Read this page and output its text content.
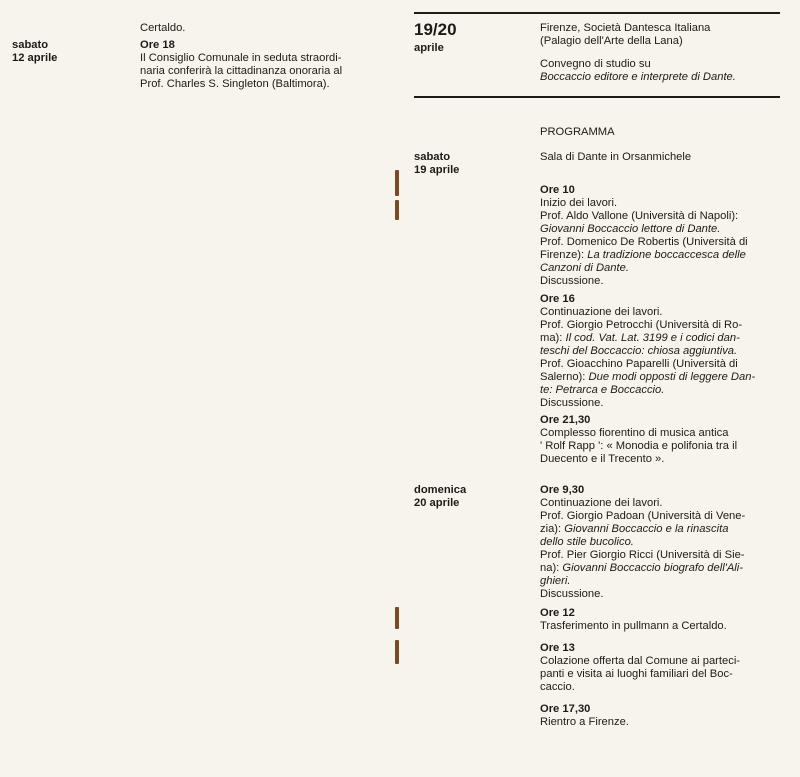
Certaldo.
sabato
12 aprile
Ore 18
Il Consiglio Comunale in seduta straordi-
naria conferirà la cittadinanza onoraria al
Prof. Charles S. Singleton (Baltimora).
19/20
aprile
Firenze, Società Dantesca Italiana
(Palagio dell'Arte della Lana)
Convegno di studio su
Boccaccio editore e interprete di Dante.
PROGRAMMA
sabato
19 aprile
Sala di Dante in Orsanmichele
Ore 10
Inizio dei lavori.
Prof. Aldo Vallone (Università di Napoli):
Giovanni Boccaccio lettore di Dante.
Prof. Domenico De Robertis (Università di
Firenze): La tradizione boccaccesca delle
Canzoni di Dante.
Discussione.
Ore 16
Continuazione dei lavori.
Prof. Giorgio Petrocchi (Università di Ro-
ma): Il cod. Vat. Lat. 3199 e i codici dan-
teschi del Boccaccio: chiosa aggiuntiva.
Prof. Gioacchino Paparelli (Università di
Salerno): Due modi opposti di leggere Dan-
te: Petrarca e Boccaccio.
Discussione.
Ore 21,30
Complesso fiorentino di musica antica
' Rolf Rapp ': « Monodia e polifonia tra il
Duecento e il Trecento ».
domenica
20 aprile
Ore 9,30
Continuazione dei lavori.
Prof. Giorgio Padoan (Università di Vene-
zia): Giovanni Boccaccio e la rinascita
dello stile bucolico.
Prof. Pier Giorgio Ricci (Università di Sie-
na): Giovanni Boccaccio biografo dell'Ali-
ghieri.
Discussione.
Ore 12
Trasferimento in pullmann a Certaldo.
Ore 13
Colazione offerta dal Comune ai parteci-
panti e visita ai luoghi familiari del Boc-
caccio.
Ore 17,30
Rientro a Firenze.
